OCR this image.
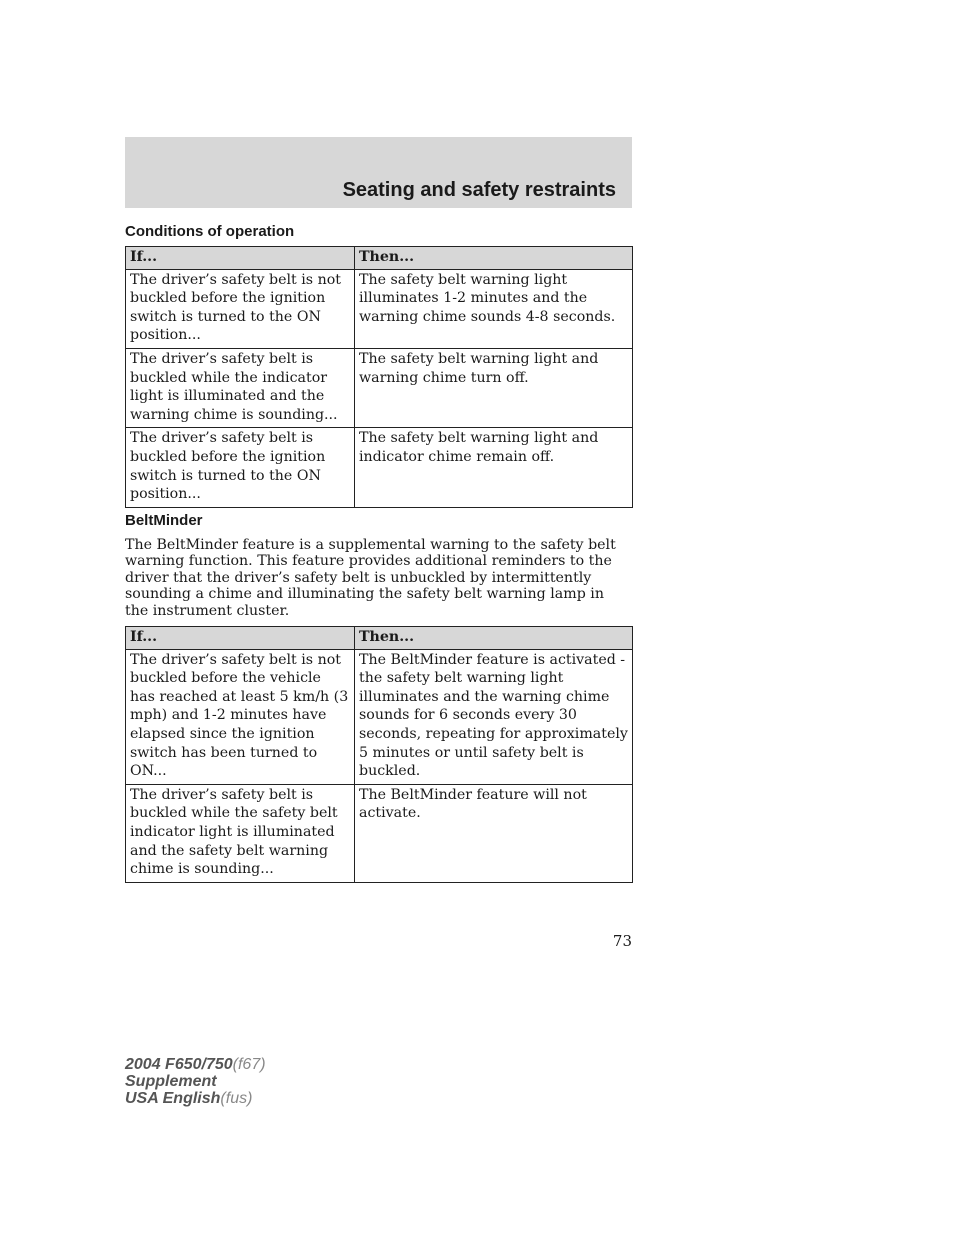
Seating and safety restraints
Conditions of operation
If...	Then...
The driver’s safety belt is not buckled before the ignition switch is turned to the ON position...	The safety belt warning light illuminates 1-2 minutes and the warning chime sounds 4-8 seconds.
The driver’s safety belt is buckled while the indicator light is illuminated and the warning chime is sounding...	The safety belt warning light and warning chime turn off.
The driver’s safety belt is buckled before the ignition switch is turned to the ON position...	The safety belt warning light and indicator chime remain off.
BeltMinder

The BeltMinder feature is a supplemental warning to the safety belt warning function. This feature provides additional reminders to the driver that the driver’s safety belt is unbuckled by intermittently sounding a chime and illuminating the safety belt warning lamp in the instrument cluster.

If...	Then...
The driver’s safety belt is not buckled before the vehicle has reached at least 5 km/h (3 mph) and 1-2 minutes have elapsed since the ignition switch has been turned to ON...	The BeltMinder feature is activated - the safety belt warning light illuminates and the warning chime sounds for 6 seconds every 30 seconds, repeating for approximately 5 minutes or until safety belt is buckled.
The driver’s safety belt is buckled while the safety belt indicator light is illuminated and the safety belt warning chime is sounding...	The BeltMinder feature will not activate.
73
2004 F650/750(f67)
Supplement
USA English(fus)
